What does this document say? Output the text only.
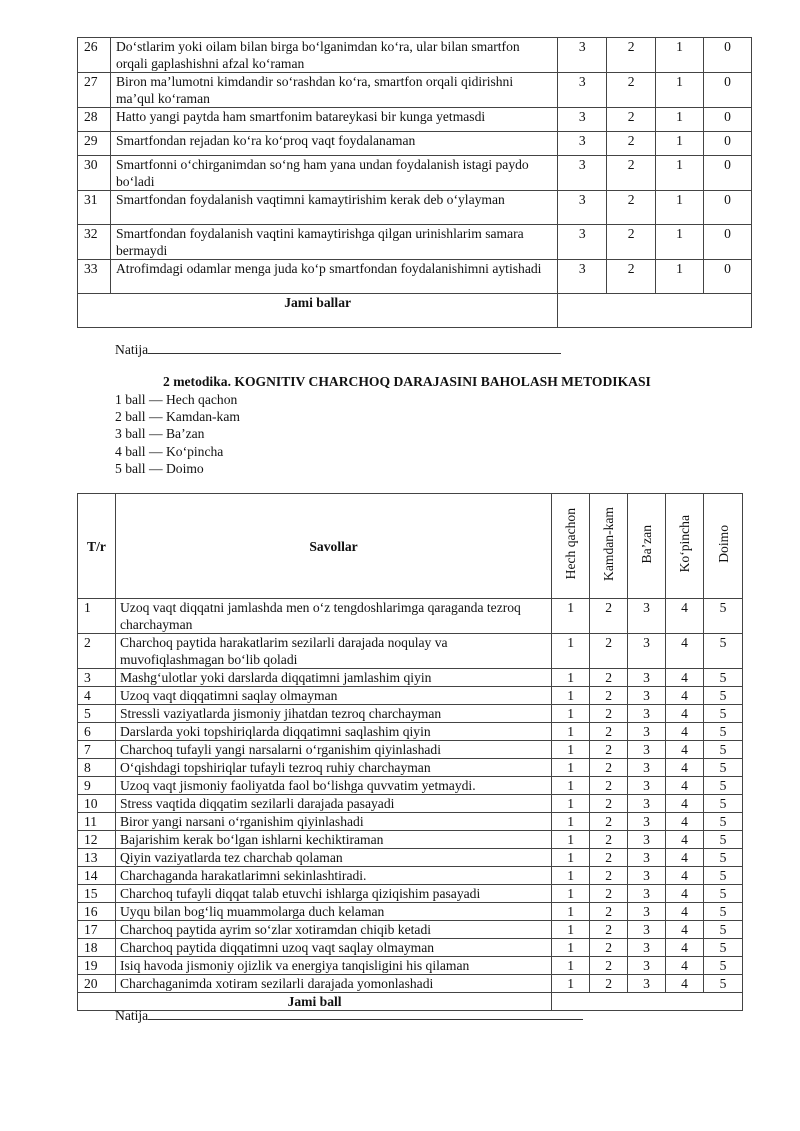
26	Do‘stlarim yoki oilam bilan birga bo‘lganimdan ko‘ra, ular bilan smartfon orqali gaplashishni afzal ko‘raman	3	2	1	0
27	Biron ma’lumotni kimdandir so‘rashdan ko‘ra, smartfon orqali qidirishni ma’qul ko‘raman	3	2	1	0
28	Hatto yangi paytda ham smartfonim batareykasi bir kunga yetmasdi	3	2	1	0
29	Smartfondan rejadan ko‘ra ko‘proq vaqt foydalanaman	3	2	1	0
30	Smartfonni o‘chirganimdan so‘ng ham yana undan foydalanish istagi paydo bo‘ladi	3	2	1	0
31	Smartfondan foydalanish vaqtimni kamaytirishim kerak deb o‘ylayman	3	2	1	0
32	Smartfondan foydalanish vaqtini kamaytirishga qilgan urinishlarim samara bermaydi	3	2	1	0
33	Atrofimdagi odamlar menga juda ko‘p smartfondan foydalanishimni aytishadi	3	2	1	0
Jami ballar					
Natija
2 metodika. KOGNITIV CHARCHOQ DARAJASINI BAHOLASH METODIKASI
1 ball — Hech qachon
2 ball — Kamdan-kam
3 ball — Ba’zan
4 ball — Ko‘pincha
5 ball — Doimo
T/r	Savollar	Hech qachon	Kamdan-kam	Ba’zan	Ko‘pincha	Doimo
1	Uzoq vaqt diqqatni jamlashda men o‘z tengdoshlarimga qaraganda tezroq charchayman	1	2	3	4	5
2	Charchoq paytida harakatlarim sezilarli darajada noqulay va muvofiqlashmagan bo‘lib qoladi	1	2	3	4	5
3	Mashg‘ulotlar yoki darslarda diqqatimni jamlashim qiyin	1	2	3	4	5
4	Uzoq vaqt diqqatimni saqlay olmayman	1	2	3	4	5
5	Stressli vaziyatlarda jismoniy jihatdan tezroq charchayman	1	2	3	4	5
6	Darslarda yoki topshiriqlarda diqqatimni saqlashim qiyin	1	2	3	4	5
7	Charchoq tufayli yangi narsalarni o‘rganishim qiyinlashadi	1	2	3	4	5
8	O‘qishdagi topshiriqlar tufayli tezroq ruhiy charchayman	1	2	3	4	5
9	Uzoq vaqt jismoniy faoliyatda faol bo‘lishga quvvatim yetmaydi.	1	2	3	4	5
10	Stress vaqtida diqqatim sezilarli darajada pasayadi	1	2	3	4	5
11	Biror yangi narsani o‘rganishim qiyinlashadi	1	2	3	4	5
12	Bajarishim kerak bo‘lgan ishlarni kechiktiraman	1	2	3	4	5
13	Qiyin vaziyatlarda tez charchab qolaman	1	2	3	4	5
14	Charchaganda harakatlarimni sekinlashtiradi.	1	2	3	4	5
15	Charchoq tufayli diqqat talab etuvchi ishlarga qiziqishim pasayadi	1	2	3	4	5
16	Uyqu bilan bog‘liq muammolarga duch kelaman	1	2	3	4	5
17	Charchoq paytida ayrim so‘zlar xotiramdan chiqib ketadi	1	2	3	4	5
18	Charchoq paytida diqqatimni uzoq vaqt saqlay olmayman	1	2	3	4	5
19	Isiq havoda jismoniy ojizlik va energiya tanqisligini his qilaman	1	2	3	4	5
20	Charchaganimda xotiram sezilarli darajada yomonlashadi	1	2	3	4	5
Jami ball						
Natija
